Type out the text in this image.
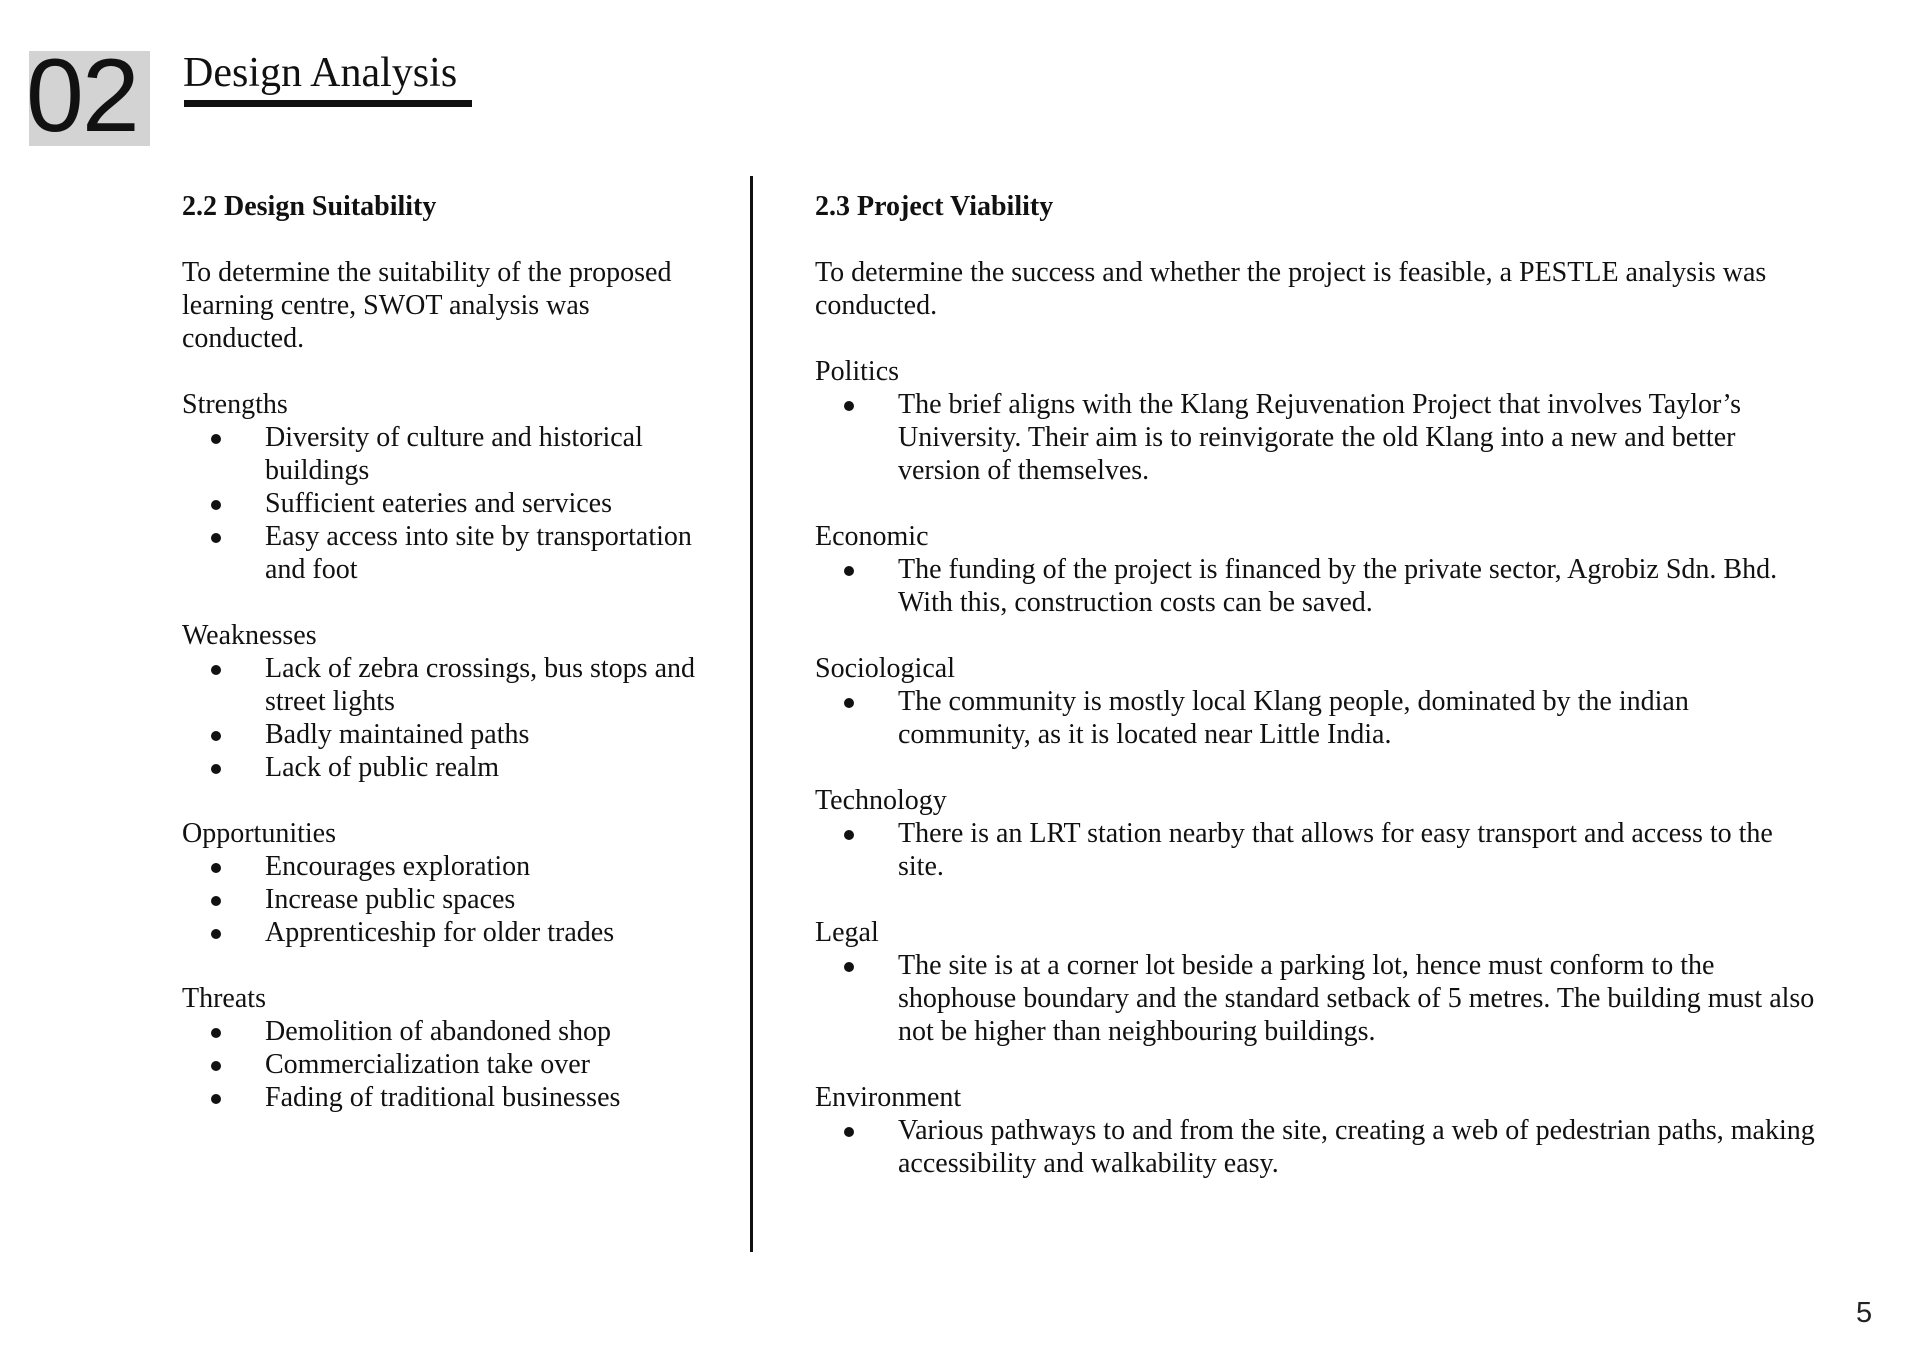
02 Design Analysis
2.2 Design Suitability
To determine the suitability of the proposed learning centre, SWOT analysis was conducted.
Strengths
Diversity of culture and historical buildings
Sufficient eateries and services
Easy access into site by transportation and foot
Weaknesses
Lack of zebra crossings, bus stops and street lights
Badly maintained paths
Lack of public realm
Opportunities
Encourages exploration
Increase public spaces
Apprenticeship for older trades
Threats
Demolition of abandoned shop
Commercialization take over
Fading of traditional businesses
2.3 Project Viability
To determine the success and whether the project is feasible, a PESTLE analysis was conducted.
Politics
The brief aligns with the Klang Rejuvenation Project that involves Taylor’s University. Their aim is to reinvigorate the old Klang into a new and better version of themselves.
Economic
The funding of the project is financed by the private sector, Agrobiz Sdn. Bhd. With this, construction costs can be saved.
Sociological
The community is mostly local Klang people, dominated by the indian community, as it is located near Little India.
Technology
There is an LRT station nearby that allows for easy transport and access to the site.
Legal
The site is at a corner lot beside a parking lot, hence must conform to the shophouse boundary and the standard setback of 5 metres. The building must also not be higher than neighbouring buildings.
Environment
Various pathways to and from the site, creating a web of pedestrian paths, making accessibility and walkability easy.
5
